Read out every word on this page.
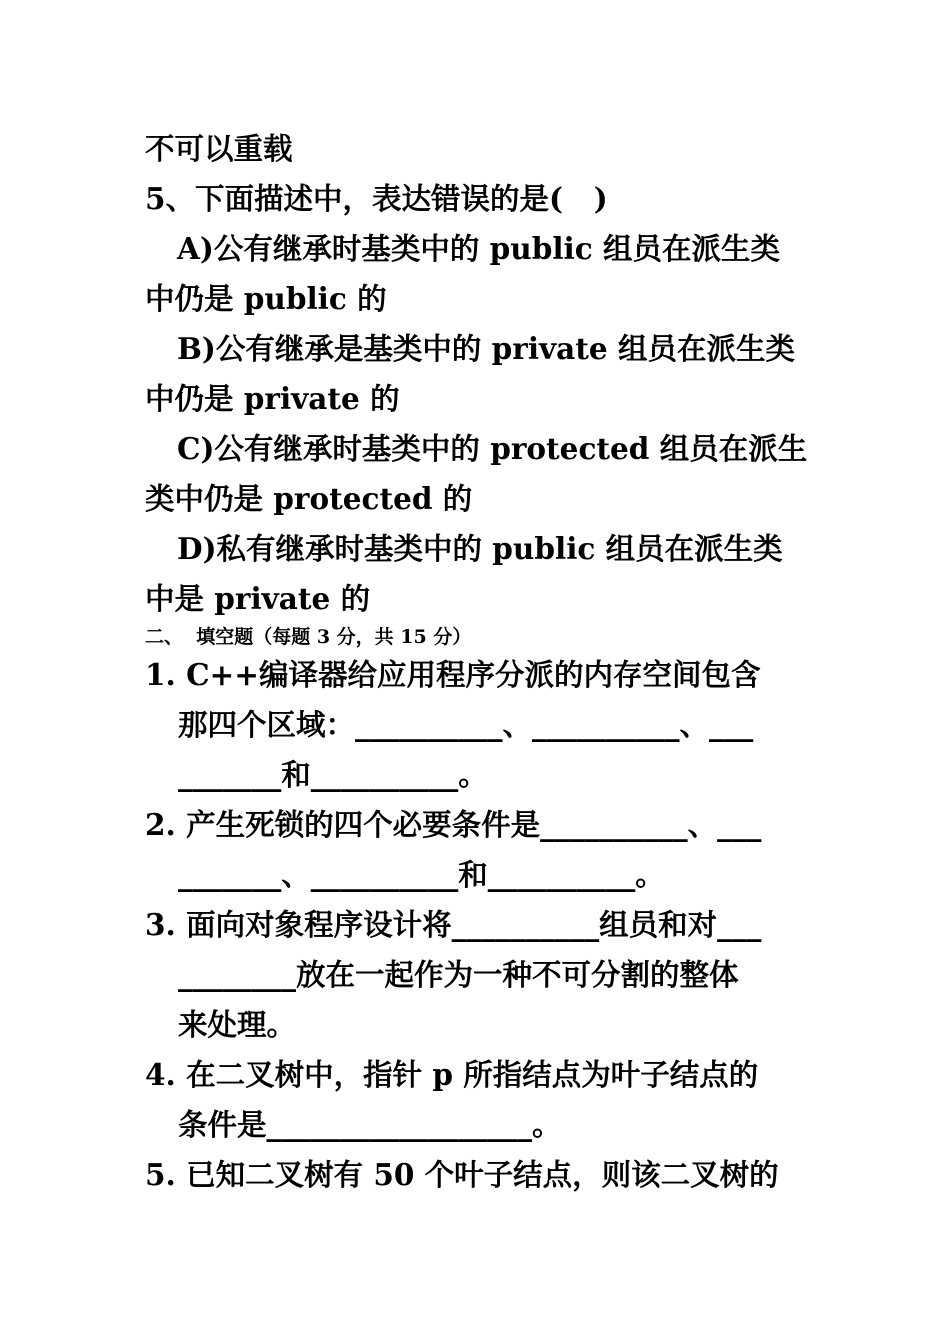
不可以重载
5、下面描述中，表达错误的是(   )
A)公有继承时基类中的 public 组员在派生类
中仍是 public 的
B)公有继承是基类中的 private 组员在派生类
中仍是 private 的
C)公有继承时基类中的 protected 组员在派生
类中仍是 protected 的
D)私有继承时基类中的 public 组员在派生类
中是 private 的
二、  填空题（每题 3 分，共 15 分）
1. C++编译器给应用程序分派的内存空间包含
那四个区域：__________、__________、___
_______和__________。
2. 产生死锁的四个必要条件是__________、___
_______、__________和__________。
3. 面向对象程序设计将__________组员和对___
________放在一起作为一种不可分割的整体
来处理。
4. 在二叉树中，指针 p 所指结点为叶子结点的
条件是__________________。
5. 已知二叉树有 50 个叶子结点，则该二叉树的
